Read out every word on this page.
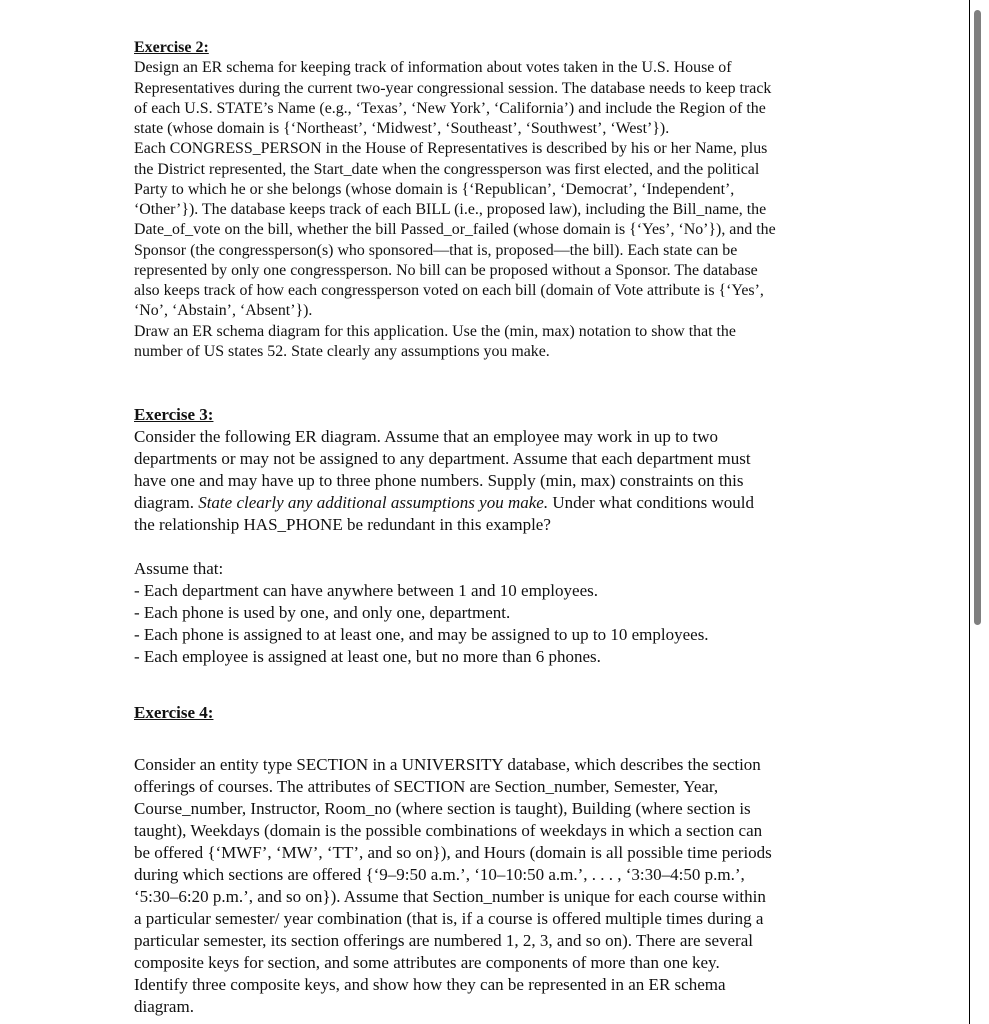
Exercise 2:

Design an ER schema for keeping track of information about votes taken in the U.S. House of
Representatives during the current two-year congressional session. The database needs to keep track
of each U.S. STATE’s Name (e.g., ‘Texas’, ‘New York’, ‘California’) and include the Region of the
state (whose domain is {‘Northeast’, ‘Midwest’, ‘Southeast’, ‘Southwest’, ‘West’}).
Each CONGRESS_PERSON in the House of Representatives is described by his or her Name, plus
the District represented, the Start_date when the congressperson was first elected, and the political
Party to which he or she belongs (whose domain is {‘Republican’, ‘Democrat’, ‘Independent’,
‘Other’}). The database keeps track of each BILL (i.e., proposed law), including the Bill_name, the
Date_of_vote on the bill, whether the bill Passed_or_failed (whose domain is {‘Yes’, ‘No’}), and the
Sponsor (the congressperson(s) who sponsored—that is, proposed—the bill). Each state can be
represented by only one congressperson. No bill can be proposed without a Sponsor. The database
also keeps track of how each congressperson voted on each bill (domain of Vote attribute is {‘Yes’,
‘No’, ‘Abstain’, ‘Absent’}).
Draw an ER schema diagram for this application. Use the (min, max) notation to show that the
number of US states 52. State clearly any assumptions you make.

Exercise 3:

Consider the following ER diagram. Assume that an employee may work in up to two
departments or may not be assigned to any department. Assume that each department must
have one and may have up to three phone numbers. Supply (min, max) constraints on this
diagram. State clearly any additional assumptions you make. Under what conditions would
the relationship HAS_PHONE be redundant in this example?

Assume that:
- Each department can have anywhere between 1 and 10 employees.
- Each phone is used by one, and only one, department.
- Each phone is assigned to at least one, and may be assigned to up to 10 employees.
- Each employee is assigned at least one, but no more than 6 phones.

Exercise 4:

Consider an entity type SECTION in a UNIVERSITY database, which describes the section
offerings of courses. The attributes of SECTION are Section_number, Semester, Year,
Course_number, Instructor, Room_no (where section is taught), Building (where section is
taught), Weekdays (domain is the possible combinations of weekdays in which a section can
be offered {‘MWF’, ‘MW’, ‘TT’, and so on}), and Hours (domain is all possible time periods
during which sections are offered {‘9–9:50 a.m.’, ‘10–10:50 a.m.’, . . . , ‘3:30–4:50 p.m.’,
‘5:30–6:20 p.m.’, and so on}). Assume that Section_number is unique for each course within
a particular semester/ year combination (that is, if a course is offered multiple times during a
particular semester, its section offerings are numbered 1, 2, 3, and so on). There are several
composite keys for section, and some attributes are components of more than one key.
Identify three composite keys, and show how they can be represented in an ER schema
diagram.
